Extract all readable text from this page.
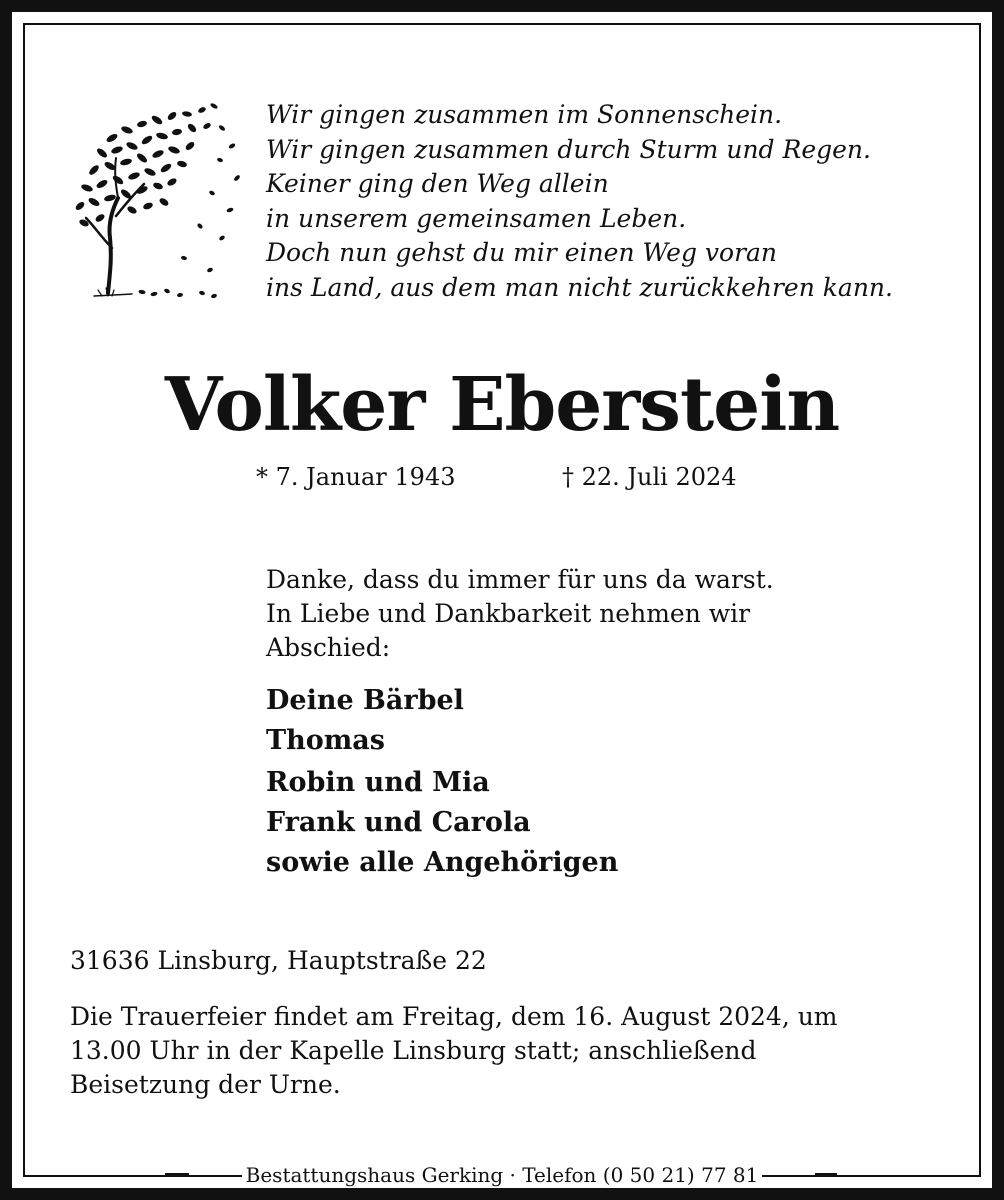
Wir gingen zusammen im Sonnenschein.
Wir gingen zusammen durch Sturm und Regen.
Keiner ging den Weg allein
in unserem gemeinsamen Leben.
Doch nun gehst du mir einen Weg voran
ins Land, aus dem man nicht zurückkehren kann.
Volker Eberstein
* 7. Januar 1943	† 22. Juli 2024
Danke, dass du immer für uns da warst.
In Liebe und Dankbarkeit nehmen wir
Abschied:
Deine Bärbel
Thomas
Robin und Mia
Frank und Carola
sowie alle Angehörigen
31636 Linsburg, Hauptstraße 22
Die Trauerfeier findet am Freitag, dem 16. August 2024, um
13.00 Uhr in der Kapelle Linsburg statt; anschließend
Beisetzung der Urne.
Bestattungshaus Gerking · Telefon (0 50 21) 77 81
